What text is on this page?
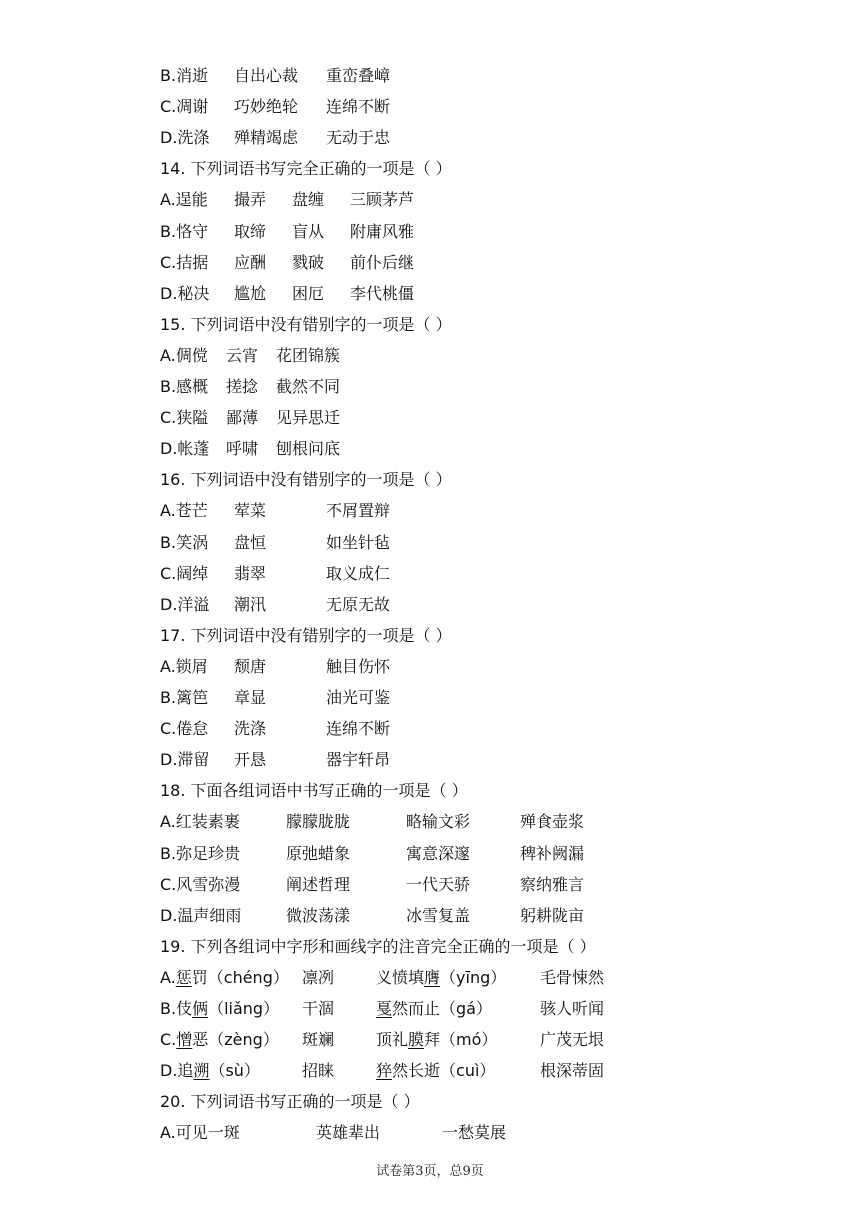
B.消逝 自出心裁 重峦叠嶂
C.凋谢 巧妙绝轮 连绵不断
D.洗涤 殚精竭虑 无动于忠
14. 下列词语书写完全正确的一项是（ ）
A.逞能 撮弄 盘缠 三顾茅芦
B.恪守 取缔 盲从 附庸风雅
C.拮据 应酬 戮破 前仆后继
D.秘决 尴尬 困厄 李代桃僵
15. 下列词语中没有错别字的一项是（ ）
A.倜傥 云宵 花团锦簇
B.感概 搓捻 截然不同
C.狭隘 鄙薄 见异思迁
D.帐蓬 呼啸 刨根问底
16. 下列词语中没有错别字的一项是（ ）
A.苍芒 荤菜	不屑置辩
B.笑涡 盘恒	如坐针毡
C.阔绰 翡翠	取义成仁
D.洋溢 潮汛	无原无故
17. 下列词语中没有错别字的一项是（ ）
A.锁屑 颓唐	触目伤怀
B.篱笆 章显	油光可鉴
C.倦怠 洗涤	连绵不断
D.滞留 开恳	器宇轩昂
18. 下面各组词语中书写正确的一项是（ ）
A.红装素裹	朦朦胧胧	略输文彩	殚食壶浆
B.弥足珍贵	原弛蜡象	寓意深邃	稗补阙漏
C.风雪弥漫	阐述哲理	一代天骄	察纳雅言
D.温声细雨	微波荡漾	冰雪复盖	躬耕陇亩
19. 下列各组词中字形和画线字的注音完全正确的一项是（ ）
A.惩罚（chéng） 凛冽	义愤填膺（yīng） 毛骨悚然
B.伎俩（liǎng） 干涸	戛然而止（gá）	骇人听闻
C.憎恶（zèng） 斑斓	顶礼膜拜（mó）	广茂无垠
D.追溯（sù）	招睐	猝然长逝（cuì）	根深蒂固
20. 下列词语书写正确的一项是（ ）
A.可见一斑	英雄辈出	一愁莫展
试卷第3页，总9页
